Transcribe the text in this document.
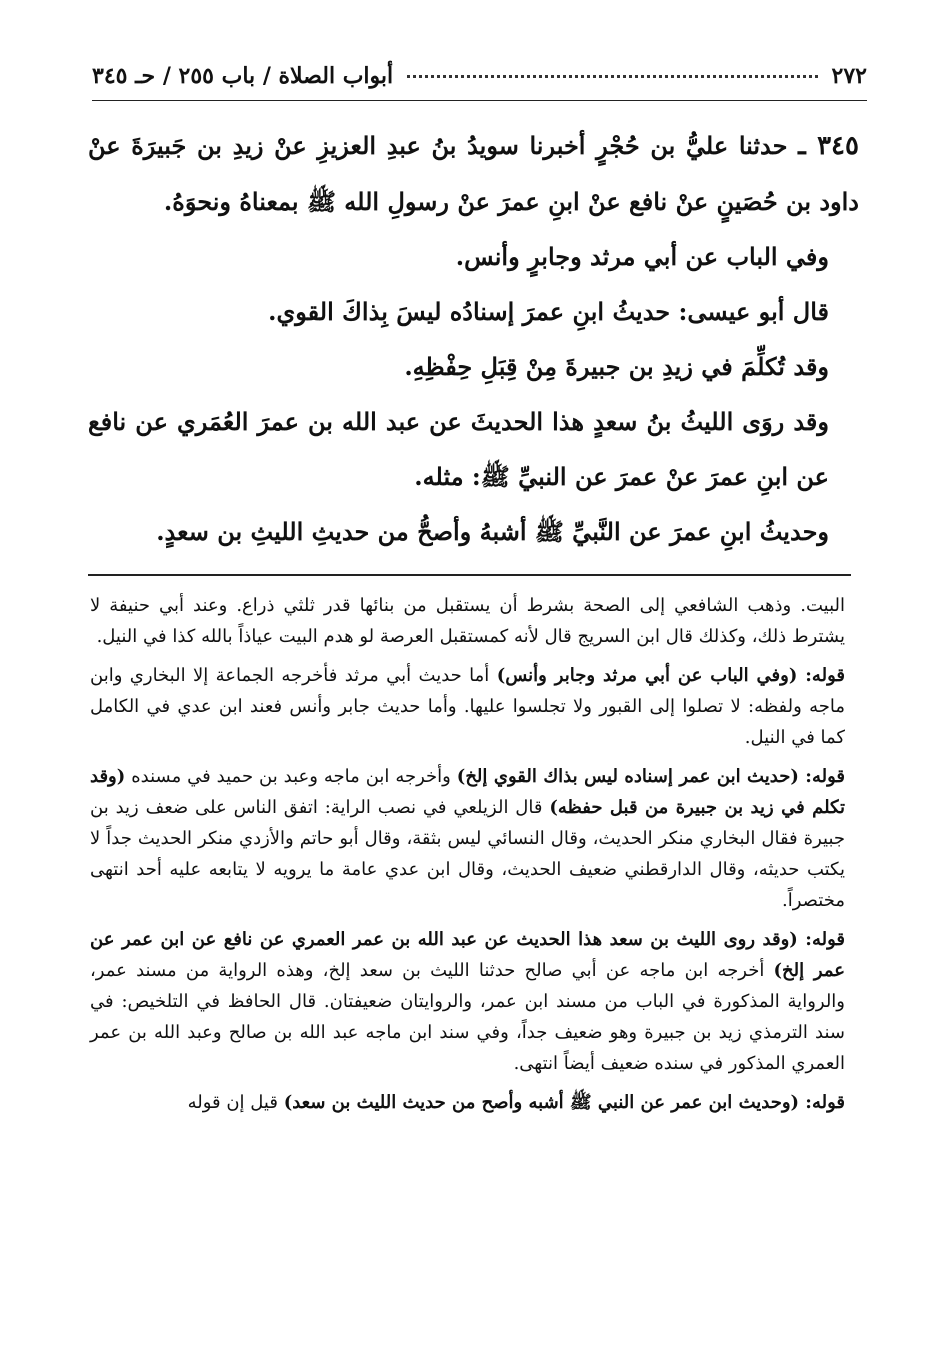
٢٧٢
أبواب الصلاة / باب ٢٥٥ / حـ ٣٤٥

٣٤٥ ـ حدثنا عليُّ بن حُجْرٍ أخبرنا سويدُ بنُ عبدِ العزيزِ عنْ زيدِ بن جَبيرَةَ عنْ داود بن حُصَينٍ عنْ نافع عنْ ابنِ عمرَ عنْ رسولِ الله ﷺ بمعناهُ ونحوَهُ.

وفي الباب عن أبي مرثد وجابرٍ وأنس.

قال أبو عيسى: حديثُ ابنِ عمرَ إسنادُه ليسَ بِذاكَ القوي.

وقد تُكلِّمَ في زيدِ بن جبيرةَ مِنْ قِبَلِ حِفْظِهِ.

وقد روَى الليثُ بنُ سعدٍ هذا الحديثَ عن عبد الله بن عمرَ العُمَري عن نافع عن ابنِ عمرَ عنْ عمرَ عن النبيِّ ﷺ: مثله.

وحديثُ ابنِ عمرَ عن النَّبيِّ ﷺ أشبهُ وأصحُّ من حديثِ الليثِ بن سعدٍ.

البيت. وذهب الشافعي إلى الصحة بشرط أن يستقبل من بنائها قدر ثلثي ذراع. وعند أبي حنيفة لا يشترط ذلك، وكذلك قال ابن السريج قال لأنه كمستقبل العرصة لو هدم البيت عياذاً بالله كذا في النيل.

قوله: (وفي الباب عن أبي مرثد وجابر وأنس) أما حديث أبي مرثد فأخرجه الجماعة إلا البخاري وابن ماجه ولفظه: لا تصلوا إلى القبور ولا تجلسوا عليها. وأما حديث جابر وأنس فعند ابن عدي في الكامل كما في النيل.

قوله: (حديث ابن عمر إسناده ليس بذاك القوي إلخ) وأخرجه ابن ماجه وعبد بن حميد في مسنده (وقد تكلم في زيد بن جبيرة من قبل حفظه) قال الزيلعي في نصب الراية: اتفق الناس على ضعف زيد بن جبيرة فقال البخاري منكر الحديث، وقال النسائي ليس بثقة، وقال أبو حاتم والأزدي منكر الحديث جداً لا يكتب حديثه، وقال الدارقطني ضعيف الحديث، وقال ابن عدي عامة ما يرويه لا يتابعه عليه أحد انتهى مختصراً.

قوله: (وقد روى الليث بن سعد هذا الحديث عن عبد الله بن عمر العمري عن نافع عن ابن عمر عن عمر إلخ) أخرجه ابن ماجه عن أبي صالح حدثنا الليث بن سعد إلخ، وهذه الرواية من مسند عمر، والرواية المذكورة في الباب من مسند ابن عمر، والروايتان ضعيفتان. قال الحافظ في التلخيص: في سند الترمذي زيد بن جبيرة وهو ضعيف جداً، وفي سند ابن ماجه عبد الله بن صالح وعبد الله بن عمر العمري المذكور في سنده ضعيف أيضاً انتهى.

قوله: (وحديث ابن عمر عن النبي ﷺ أشبه وأصح من حديث الليث بن سعد) قيل إن قوله
